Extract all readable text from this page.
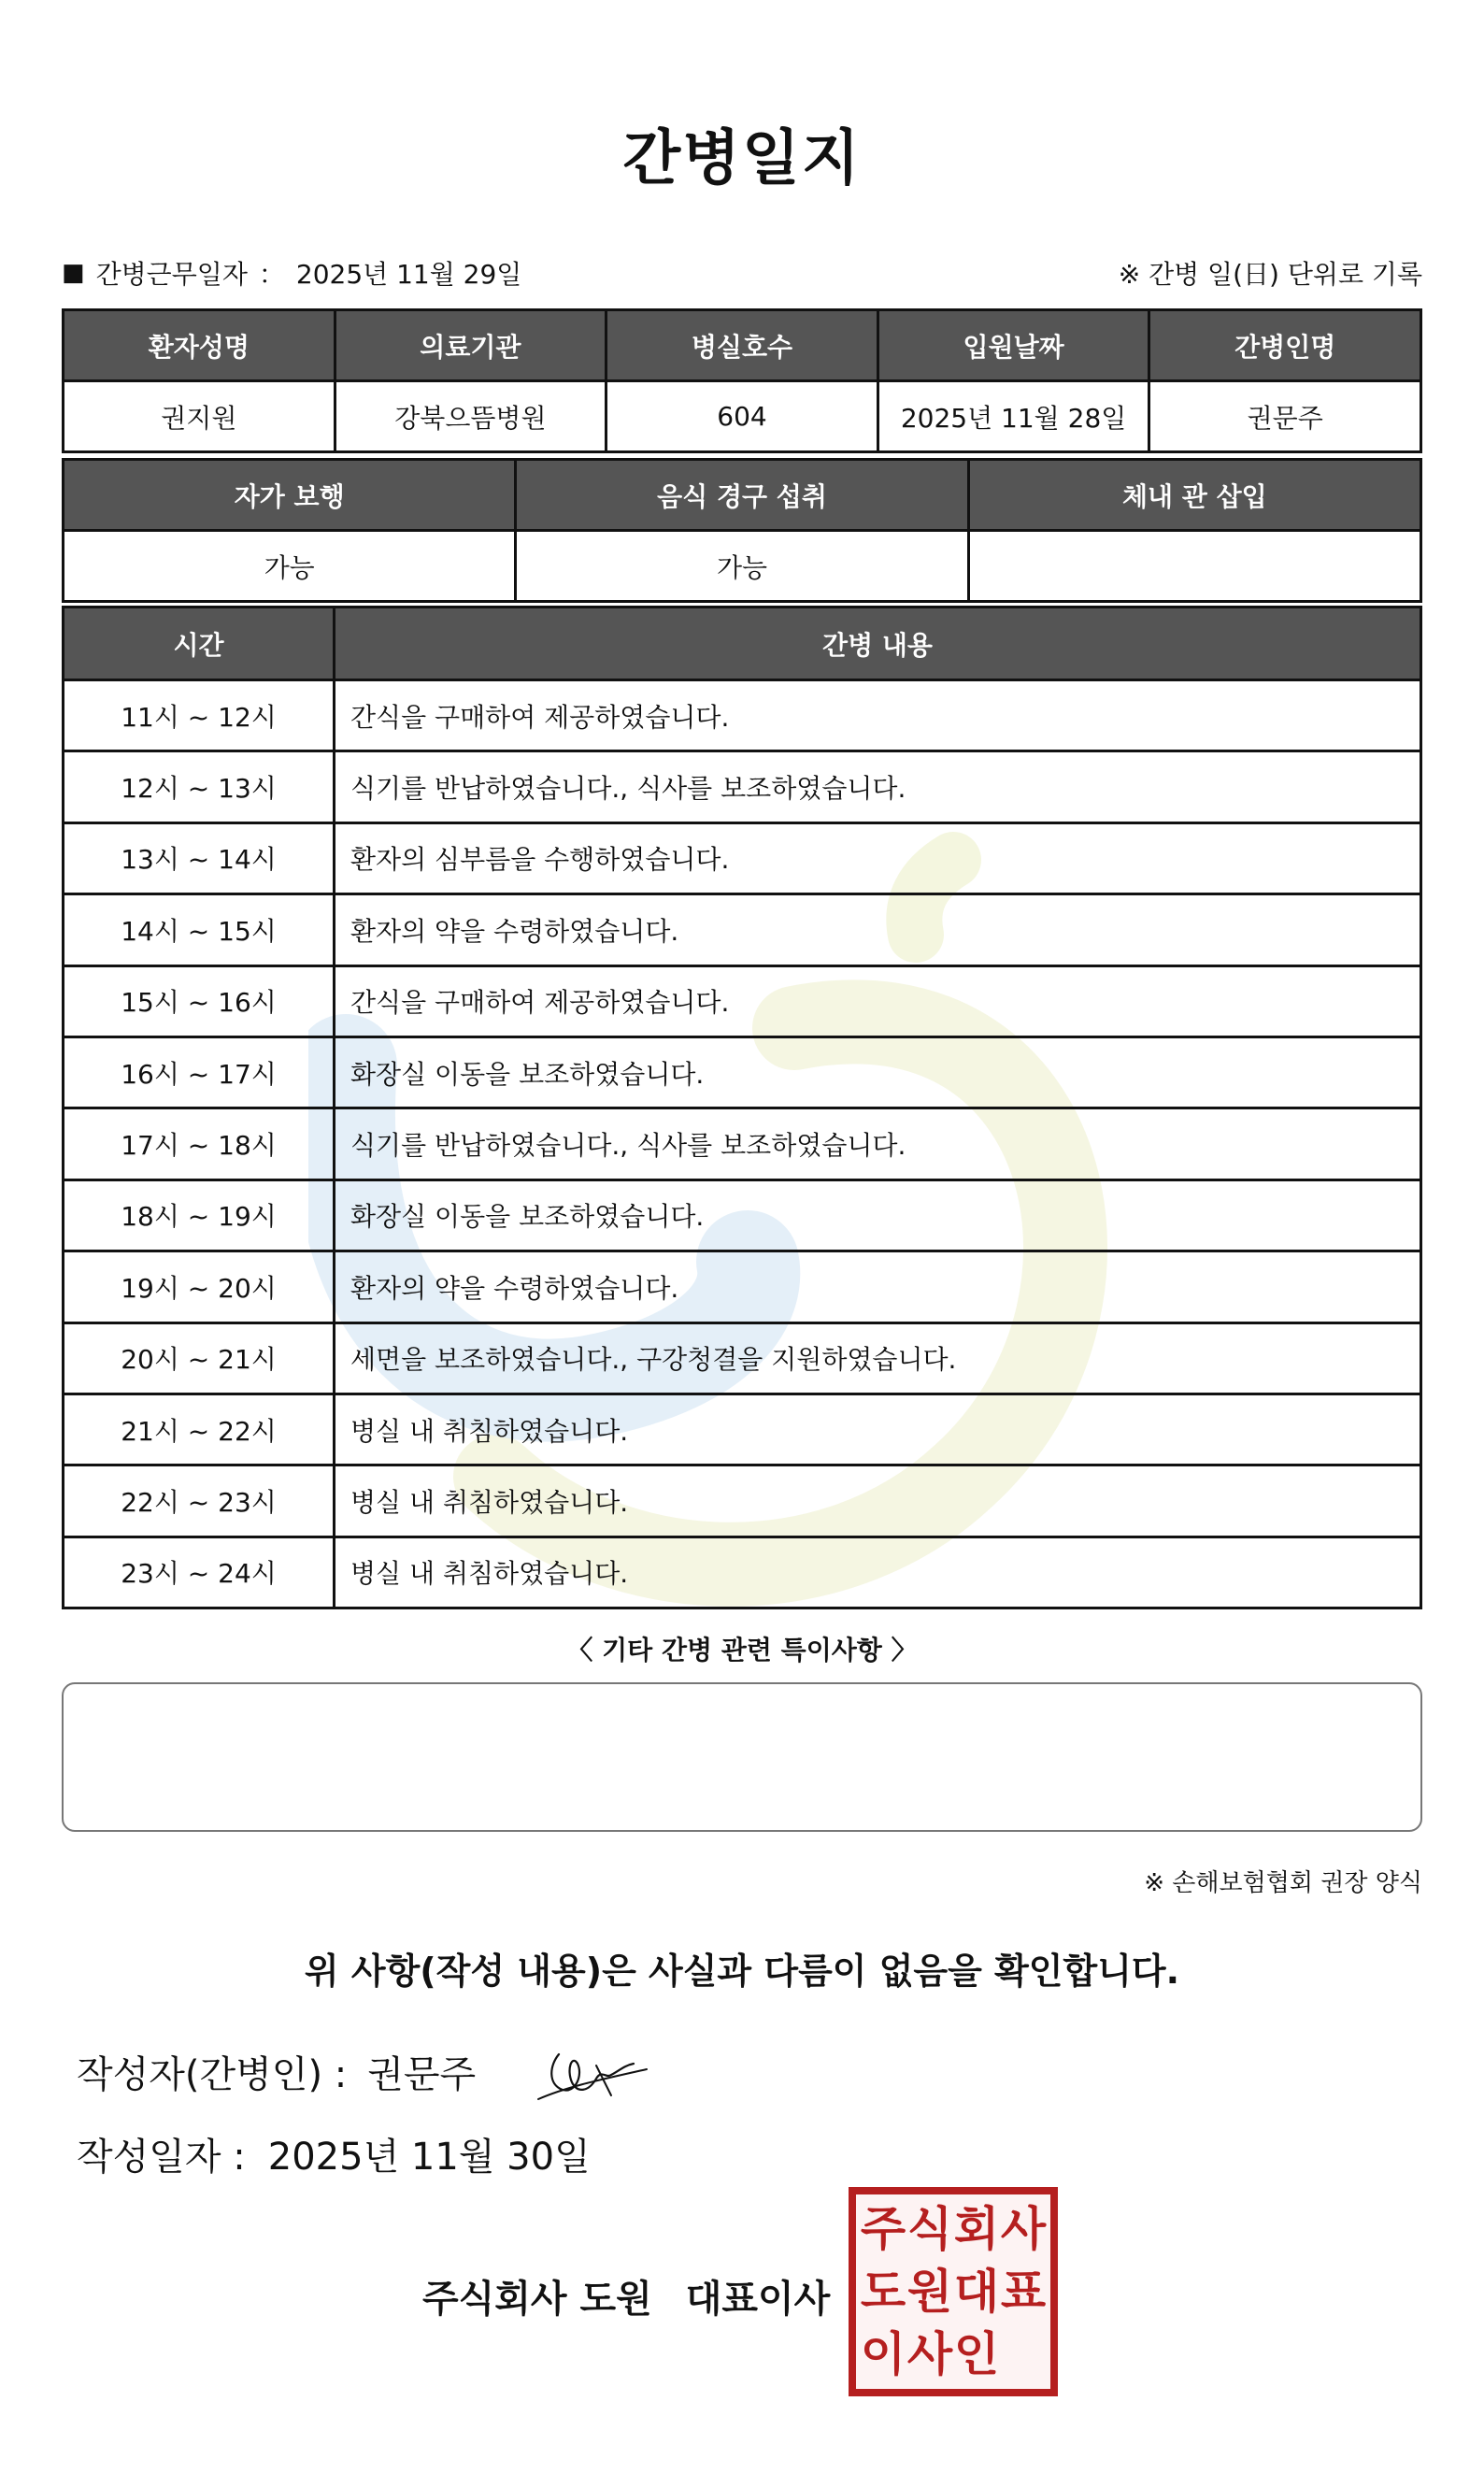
간병일지
■ 간병근무일자 ： 2025년 11월 29일	※ 간병 일(日) 단위로 기록
환자성명	의료기관	병실호수	입원날짜	간병인명
권지원	강북으뜸병원	604	2025년 11월 28일	권문주
자가 보행	음식 경구 섭취	체내 관 삽입
가능	가능	
시간	간병 내용
11시 ~ 12시	간식을 구매하여 제공하였습니다.
12시 ~ 13시	식기를 반납하였습니다., 식사를 보조하였습니다.
13시 ~ 14시	환자의 심부름을 수행하였습니다.
14시 ~ 15시	환자의 약을 수령하였습니다.
15시 ~ 16시	간식을 구매하여 제공하였습니다.
16시 ~ 17시	화장실 이동을 보조하였습니다.
17시 ~ 18시	식기를 반납하였습니다., 식사를 보조하였습니다.
18시 ~ 19시	화장실 이동을 보조하였습니다.
19시 ~ 20시	환자의 약을 수령하였습니다.
20시 ~ 21시	세면을 보조하였습니다., 구강청결을 지원하였습니다.
21시 ~ 22시	병실 내 취침하였습니다.
22시 ~ 23시	병실 내 취침하였습니다.
23시 ~ 24시	병실 내 취침하였습니다.
〈 기타 간병 관련 특이사항 〉
※ 손해보험협회 권장 양식
위 사항(작성 내용)은 사실과 다름이 없음을 확인합니다.
작성자(간병인) : 권문주
작성일자 : 2025년 11월 30일
주식회사 도원 대표이사
주 식 회 사
도 원 대 표
이 사 인
